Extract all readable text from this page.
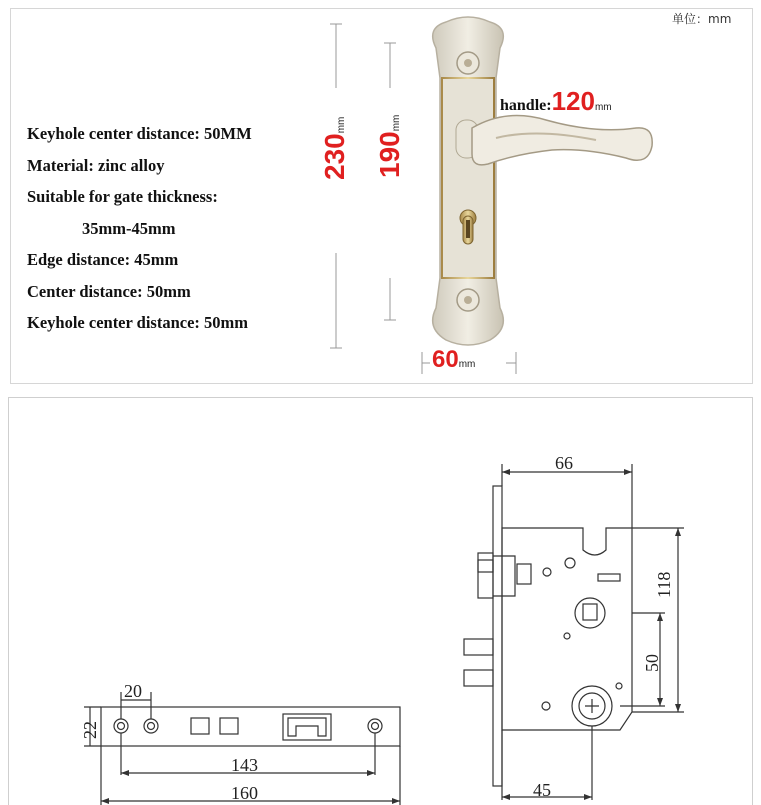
Keyhole center distance: 50MM
Material: zinc alloy
Suitable for gate thickness:
35mm-45mm
Edge distance: 45mm
Center distance: 50mm
Keyhole center distance: 50mm
单位：mm
230mm
190mm
60mm
handle:120mm
20
22
143
160
66
118
50
45
